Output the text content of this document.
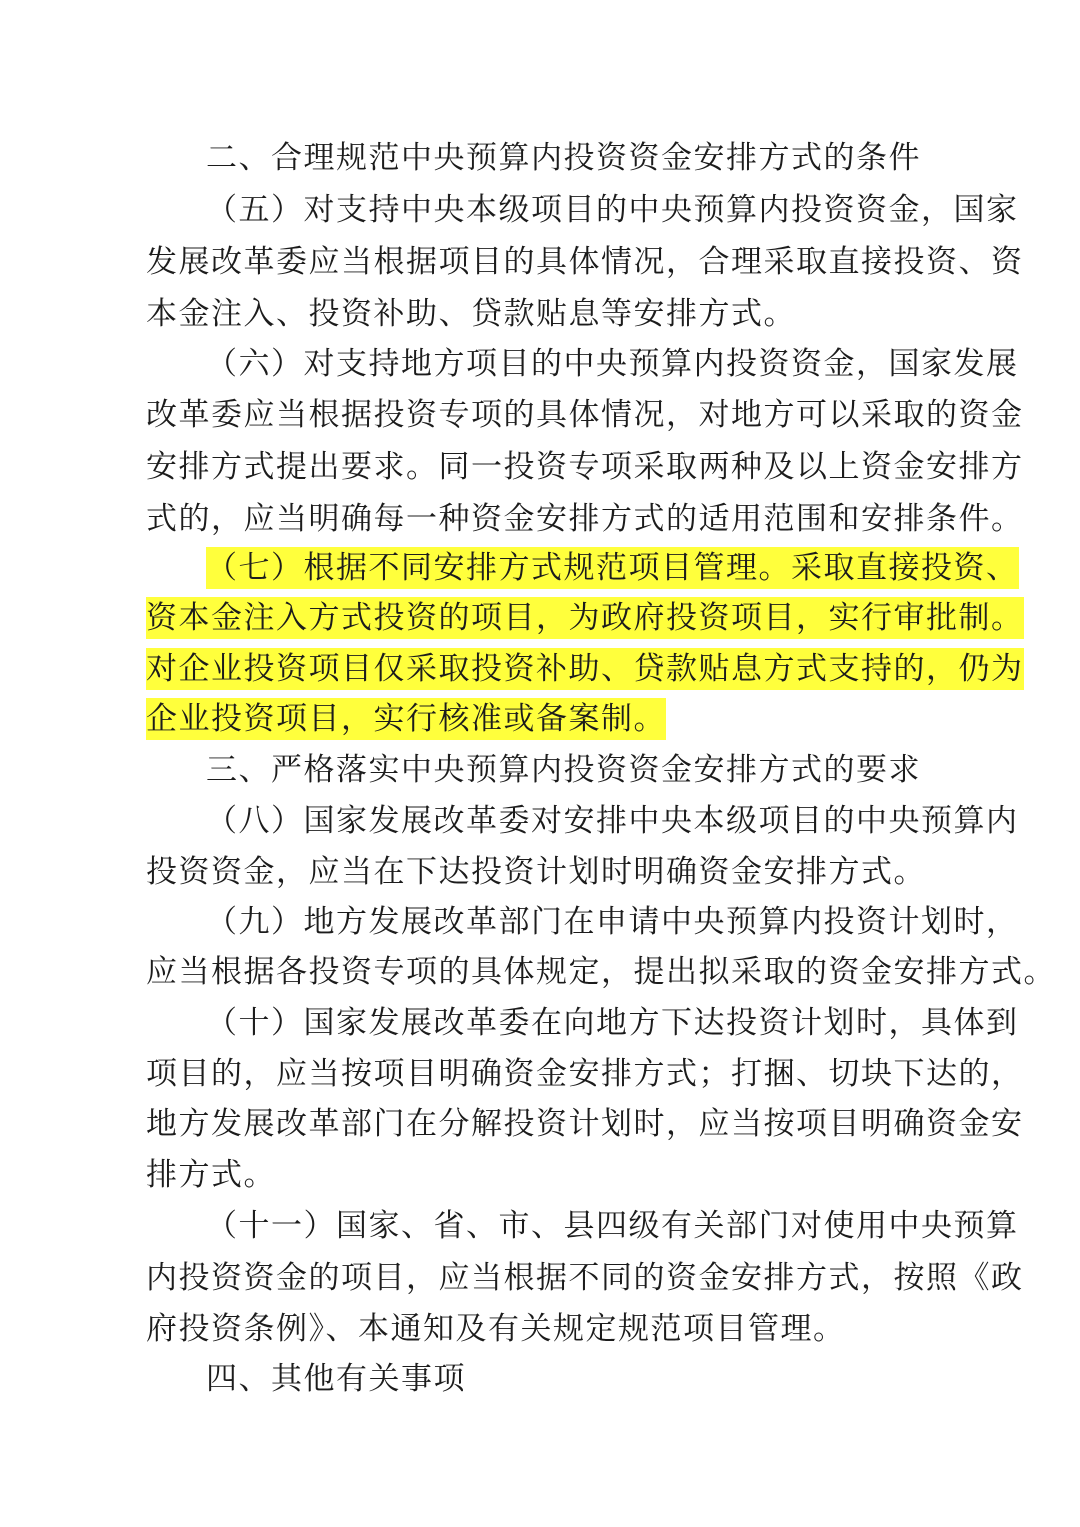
二、合理规范中央预算内投资资金安排方式的条件
（五）对支持中央本级项目的中央预算内投资资金，国家
发展改革委应当根据项目的具体情况，合理采取直接投资、资
本金注入、投资补助、贷款贴息等安排方式。
（六）对支持地方项目的中央预算内投资资金，国家发展
改革委应当根据投资专项的具体情况，对地方可以采取的资金
安排方式提出要求。同一投资专项采取两种及以上资金安排方
式的，应当明确每一种资金安排方式的适用范围和安排条件。
（七）根据不同安排方式规范项目管理。采取直接投资、
资本金注入方式投资的项目，为政府投资项目，实行审批制。
对企业投资项目仅采取投资补助、贷款贴息方式支持的，仍为
企业投资项目，实行核准或备案制。
三、严格落实中央预算内投资资金安排方式的要求
（八）国家发展改革委对安排中央本级项目的中央预算内
投资资金，应当在下达投资计划时明确资金安排方式。
（九）地方发展改革部门在申请中央预算内投资计划时，
应当根据各投资专项的具体规定，提出拟采取的资金安排方式。
（十）国家发展改革委在向地方下达投资计划时，具体到
项目的，应当按项目明确资金安排方式；打捆、切块下达的，
地方发展改革部门在分解投资计划时，应当按项目明确资金安
排方式。
（十一）国家、省、市、县四级有关部门对使用中央预算
内投资资金的项目，应当根据不同的资金安排方式，按照《政
府投资条例》、本通知及有关规定规范项目管理。
四、其他有关事项
